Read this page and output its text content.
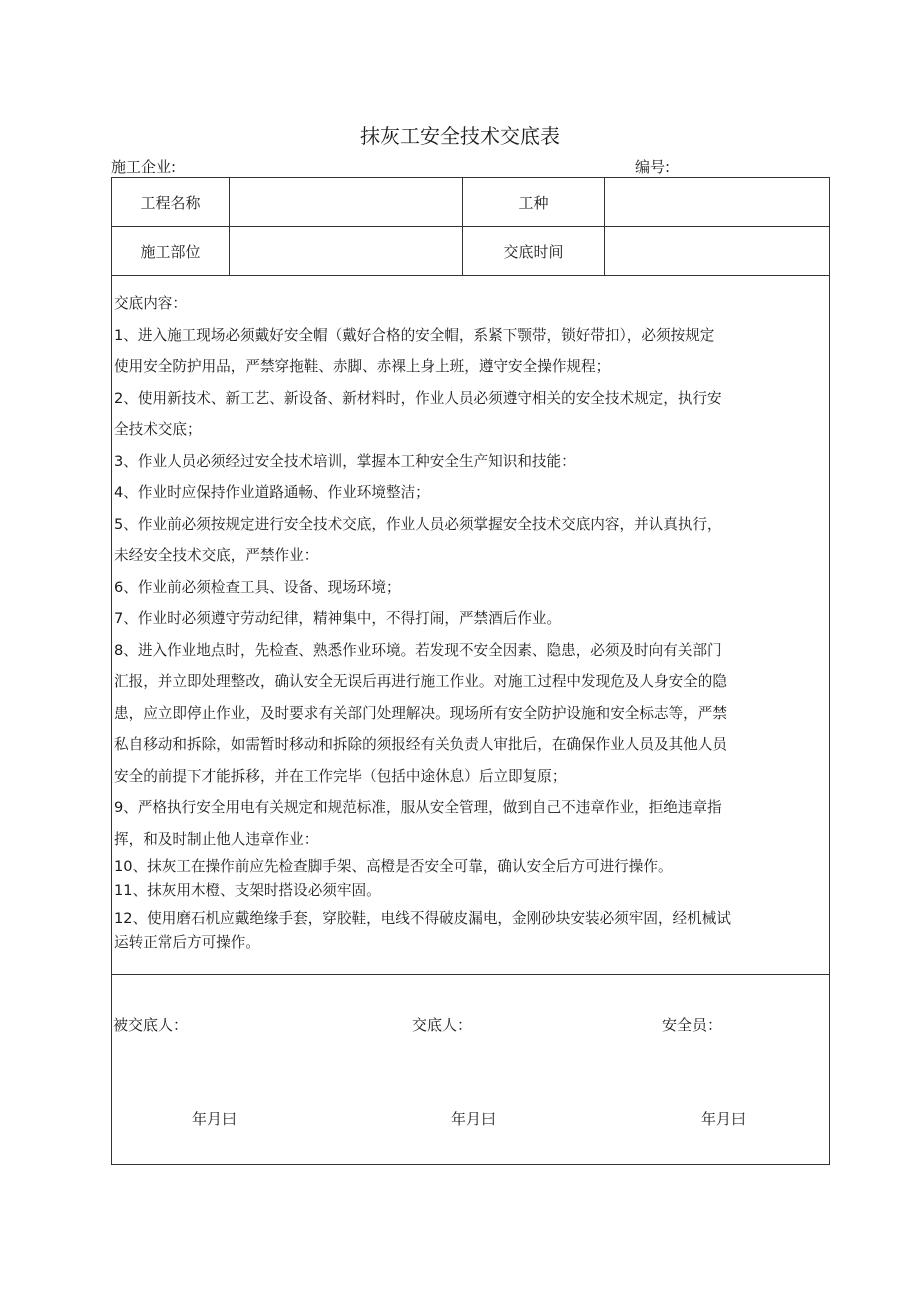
抹灰工安全技术交底表
施工企业:	编号:
工程名称	工种
施工部位	交底时间
交底内容：
1、进入施工现场必须戴好安全帽（戴好合格的安全帽，系紧下颚带，锁好带扣），必须按规定
使用安全防护用品，严禁穿拖鞋、赤脚、赤裸上身上班，遵守安全操作规程；
2、使用新技术、新工艺、新设备、新材料时，作业人员必须遵守相关的安全技术规定，执行安
全技术交底；
3、作业人员必须经过安全技术培训，掌握本工种安全生产知识和技能：
4、作业时应保持作业道路通畅、作业环境整洁；
5、作业前必须按规定进行安全技术交底，作业人员必须掌握安全技术交底内容，并认真执行，
未经安全技术交底，严禁作业：
6、作业前必须检查工具、设备、现场环境；
7、作业时必须遵守劳动纪律，精神集中，不得打闹，严禁酒后作业。
8、进入作业地点时，先检查、熟悉作业环境。若发现不安全因素、隐患，必须及时向有关部门
汇报，并立即处理整改，确认安全无误后再进行施工作业。对施工过程中发现危及人身安全的隐
患，应立即停止作业，及时要求有关部门处理解决。现场所有安全防护设施和安全标志等，严禁
私自移动和拆除，如需暂时移动和拆除的须报经有关负责人审批后，在确保作业人员及其他人员
安全的前提下才能拆移，并在工作完毕（包括中途休息）后立即复原；
9、严格执行安全用电有关规定和规范标准，服从安全管理，做到自己不违章作业，拒绝违章指
挥，和及时制止他人违章作业：
10、抹灰工在操作前应先检查脚手架、高橙是否安全可靠，确认安全后方可进行操作。
11、抹灰用木橙、支架时搭设必须牢固。
12、使用磨石机应戴绝缘手套，穿胶鞋，电线不得破皮漏电，金刚砂块安装必须牢固，经机械试
运转正常后方可操作。
被交底人：	交底人：	安全员：
年月曰	年月曰	年月曰
